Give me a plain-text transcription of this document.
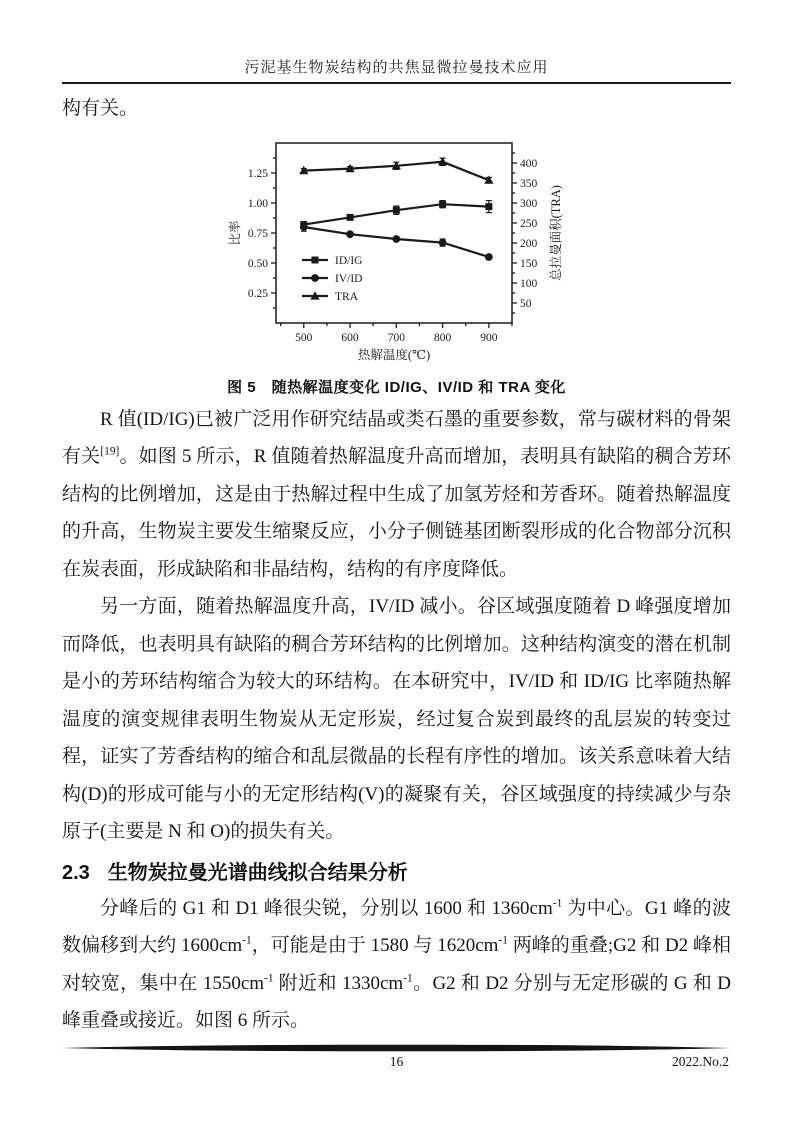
污泥基生物炭结构的共焦显微拉曼技术应用

构有关。

500	600	700	800	900
0.25
0.50
0.75
1.00
1.25
50
100
150
200
250
300
350
400
热解温度(℃)
比率	总拉曼面积(TRA)
ID/IG
IV/ID
TRA
图 5　随热解温度变化 ID/IG、IV/ID 和 TRA 变化

R 值(ID/IG)已被广泛用作研究结晶或类石墨的重要参数，常与碳材料的骨架有关[19]。如图 5 所示，R 值随着热解温度升高而增加，表明具有缺陷的稠合芳环结构的比例增加，这是由于热解过程中生成了加氢芳烃和芳香环。随着热解温度的升高，生物炭主要发生缩聚反应，小分子侧链基团断裂形成的化合物部分沉积在炭表面，形成缺陷和非晶结构，结构的有序度降低。

另一方面，随着热解温度升高，IV/ID 减小。谷区域强度随着 D 峰强度增加而降低，也表明具有缺陷的稠合芳环结构的比例增加。这种结构演变的潜在机制是小的芳环结构缩合为较大的环结构。在本研究中，IV/ID 和 ID/IG 比率随热解温度的演变规律表明生物炭从无定形炭，经过复合炭到最终的乱层炭的转变过程，证实了芳香结构的缩合和乱层微晶的长程有序性的增加。该关系意味着大结构(D)的形成可能与小的无定形结构(V)的凝聚有关，谷区域强度的持续减少与杂原子(主要是 N 和 O)的损失有关。

2.3 生物炭拉曼光谱曲线拟合结果分析

分峰后的 G1 和 D1 峰很尖锐，分别以 1600 和 $1360cm^{-1}$ 为中心。G1 峰的波数偏移到大约 $1600cm^{-1}$，可能是由于 1580 与 $1620cm^{-1}$ 两峰的重叠;G2 和 D2 峰相对较宽，集中在 $1550cm^{-1}$ 附近和 $1330cm^{-1}$。G2 和 D2 分别与无定形碳的 G 和 D 峰重叠或接近。如图 6 所示。

16	2022.No.2
